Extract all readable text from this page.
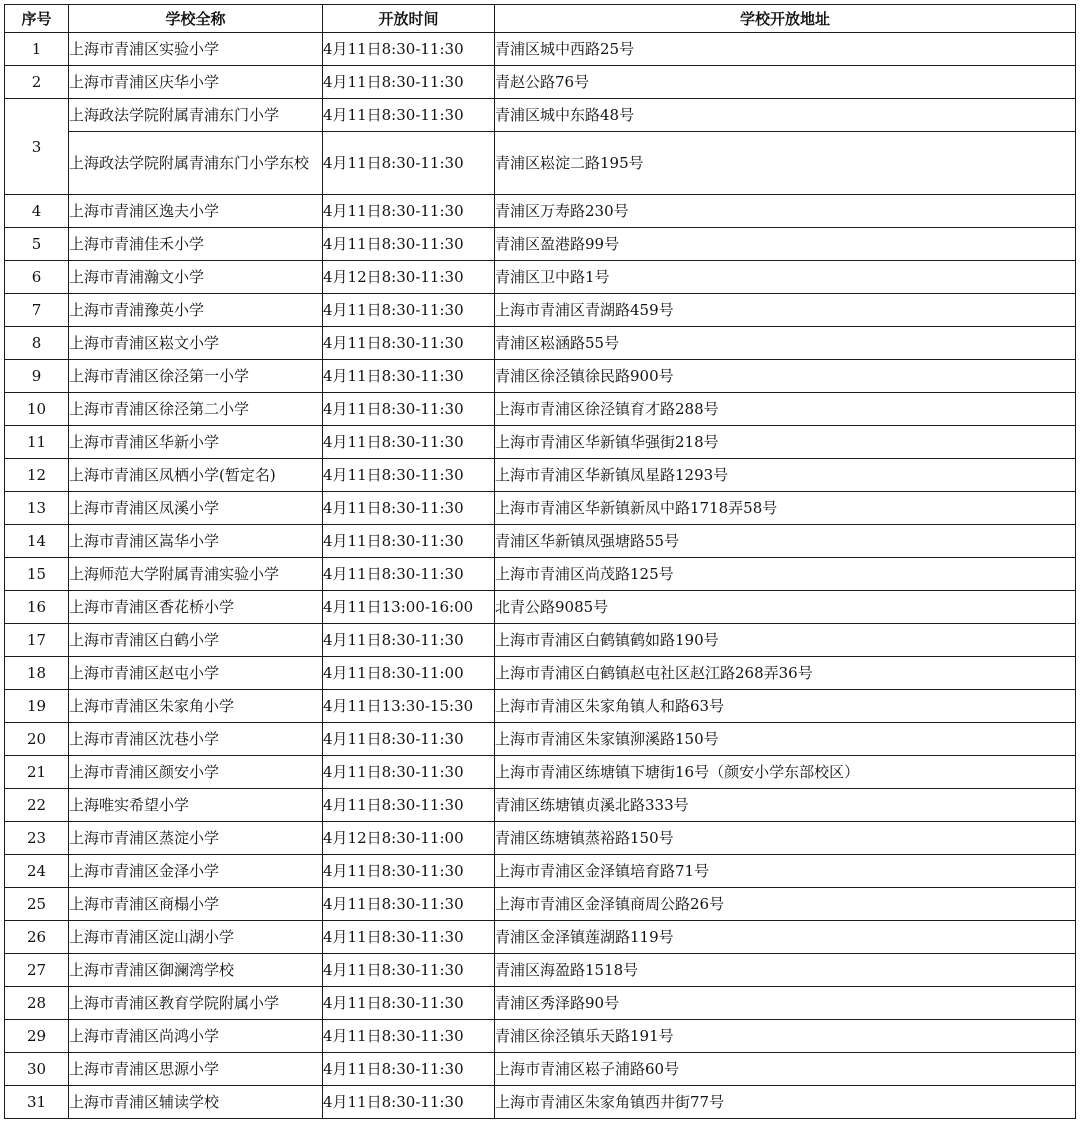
序号	学校全称	开放时间	学校开放地址
1	上海市青浦区实验小学	4月11日8:30-11:30	青浦区城中西路25号
2	上海市青浦区庆华小学	4月11日8:30-11:30	青赵公路76号
3	上海政法学院附属青浦东门小学	4月11日8:30-11:30	青浦区城中东路48号
	上海政法学院附属青浦东门小学东校	4月11日8:30-11:30	青浦区崧淀二路195号
4	上海市青浦区逸夫小学	4月11日8:30-11:30	青浦区万寿路230号
5	上海市青浦佳禾小学	4月11日8:30-11:30	青浦区盈港路99号
6	上海市青浦瀚文小学	4月12日8:30-11:30	青浦区卫中路1号
7	上海市青浦豫英小学	4月11日8:30-11:30	上海市青浦区青湖路459号
8	上海市青浦区崧文小学	4月11日8:30-11:30	青浦区崧涵路55号
9	上海市青浦区徐泾第一小学	4月11日8:30-11:30	青浦区徐泾镇徐民路900号
10	上海市青浦区徐泾第二小学	4月11日8:30-11:30	上海市青浦区徐泾镇育才路288号
11	上海市青浦区华新小学	4月11日8:30-11:30	上海市青浦区华新镇华强街218号
12	上海市青浦区凤栖小学(暂定名)	4月11日8:30-11:30	上海市青浦区华新镇凤星路1293号
13	上海市青浦区凤溪小学	4月11日8:30-11:30	上海市青浦区华新镇新凤中路1718弄58号
14	上海市青浦区嵩华小学	4月11日8:30-11:30	青浦区华新镇凤强塘路55号
15	上海师范大学附属青浦实验小学	4月11日8:30-11:30	上海市青浦区尚茂路125号
16	上海市青浦区香花桥小学	4月11日13:00-16:00	北青公路9085号
17	上海市青浦区白鹤小学	4月11日8:30-11:30	上海市青浦区白鹤镇鹤如路190号
18	上海市青浦区赵屯小学	4月11日8:30-11:00	上海市青浦区白鹤镇赵屯社区赵江路268弄36号
19	上海市青浦区朱家角小学	4月11日13:30-15:30	上海市青浦区朱家角镇人和路63号
20	上海市青浦区沈巷小学	4月11日8:30-11:30	上海市青浦区朱家镇泖溪路150号
21	上海市青浦区颜安小学	4月11日8:30-11:30	上海市青浦区练塘镇下塘街16号（颜安小学东部校区）
22	上海唯实希望小学	4月11日8:30-11:30	青浦区练塘镇贞溪北路333号
23	上海市青浦区蒸淀小学	4月12日8:30-11:00	青浦区练塘镇蒸裕路150号
24	上海市青浦区金泽小学	4月11日8:30-11:30	上海市青浦区金泽镇培育路71号
25	上海市青浦区商榻小学	4月11日8:30-11:30	上海市青浦区金泽镇商周公路26号
26	上海市青浦区淀山湖小学	4月11日8:30-11:30	青浦区金泽镇莲湖路119号
27	上海市青浦区御澜湾学校	4月11日8:30-11:30	青浦区海盈路1518号
28	上海市青浦区教育学院附属小学	4月11日8:30-11:30	青浦区秀泽路90号
29	上海市青浦区尚鸿小学	4月11日8:30-11:30	青浦区徐泾镇乐天路191号
30	上海市青浦区思源小学	4月11日8:30-11:30	上海市青浦区崧子浦路60号
31	上海市青浦区辅读学校	4月11日8:30-11:30	上海市青浦区朱家角镇西井街77号
